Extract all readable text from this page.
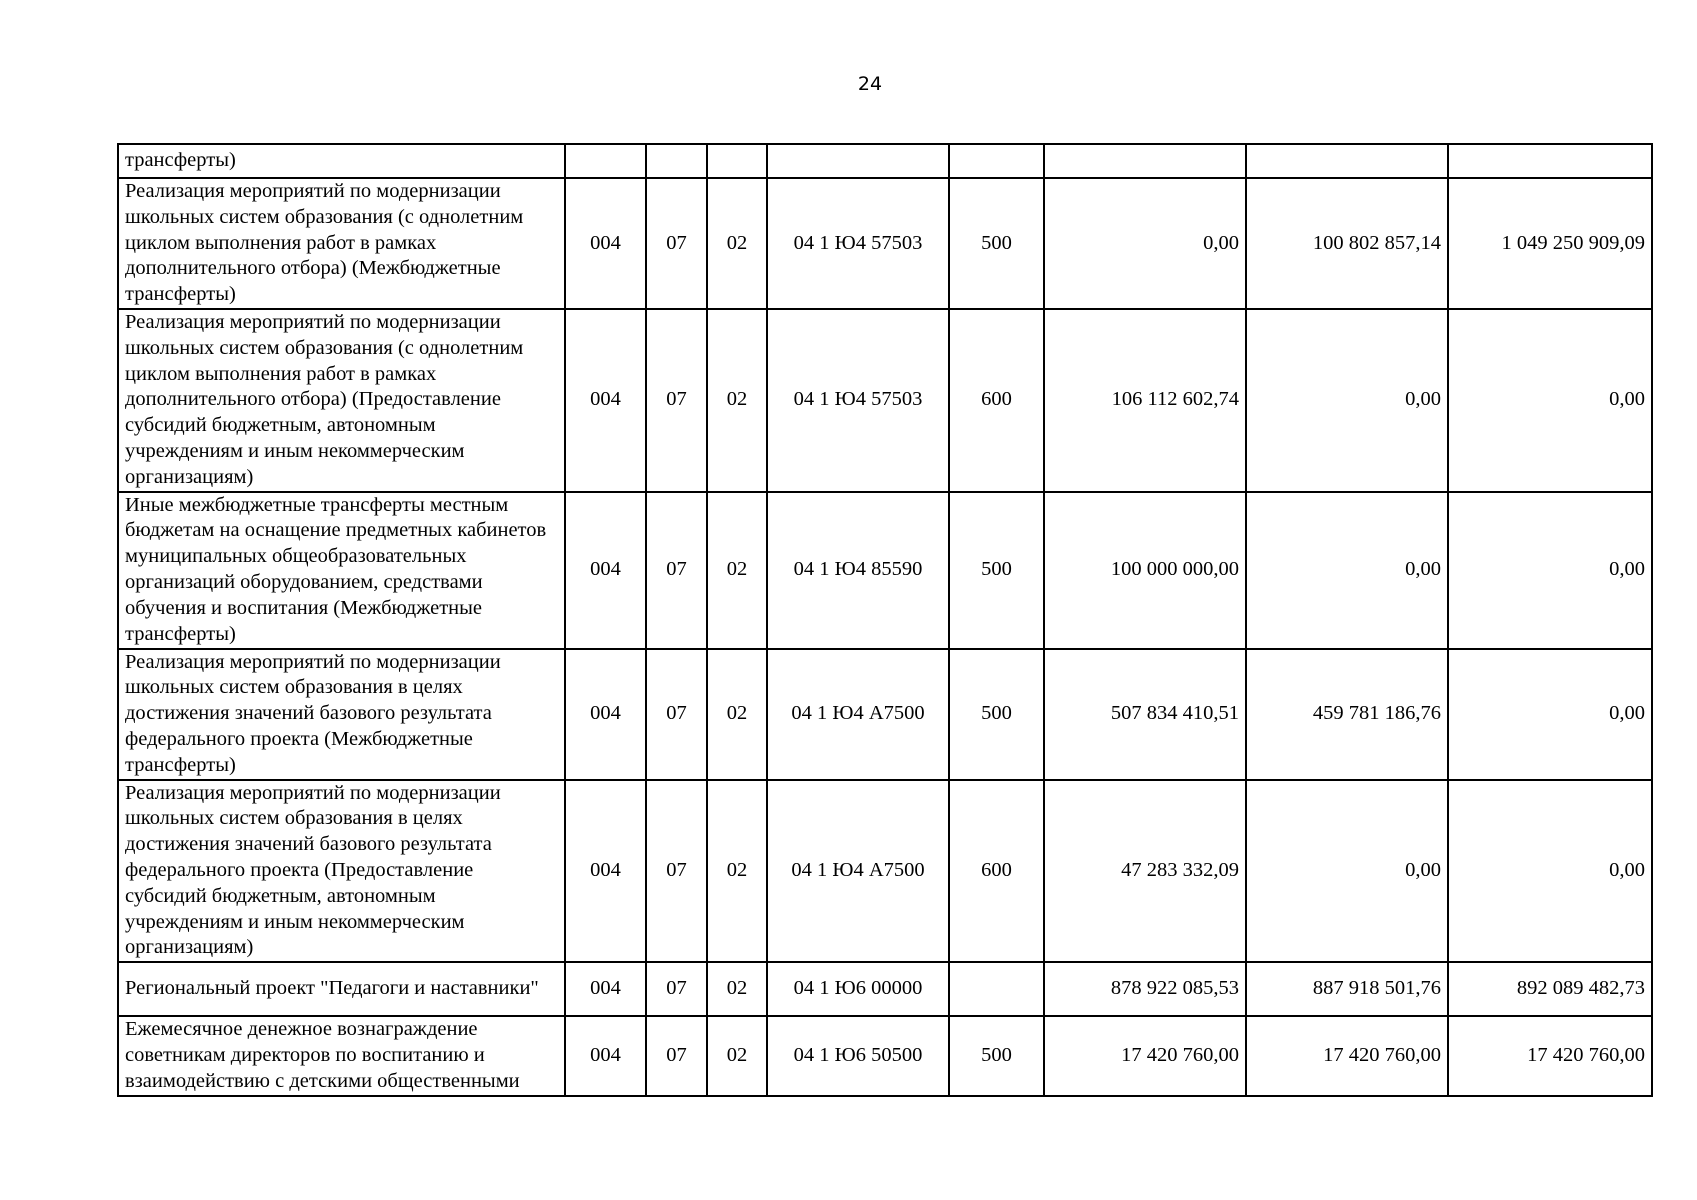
24
трансферты)								
Реализация мероприятий по модернизации школьных систем образования (с однолетним циклом выполнения работ в рамках дополнительного отбора) (Межбюджетные трансферты)	004	07	02	04 1 Ю4 57503	500	0,00	100 802 857,14	1 049 250 909,09
Реализация мероприятий по модернизации школьных систем образования (с однолетним циклом выполнения работ в рамках дополнительного отбора) (Предоставление субсидий бюджетным, автономным учреждениям и иным некоммерческим организациям)	004	07	02	04 1 Ю4 57503	600	106 112 602,74	0,00	0,00
Иные межбюджетные трансферты местным бюджетам на оснащение предметных кабинетов муниципальных общеобразовательных организаций оборудованием, средствами обучения и воспитания (Межбюджетные трансферты)	004	07	02	04 1 Ю4 85590	500	100 000 000,00	0,00	0,00
Реализация мероприятий по модернизации школьных систем образования в целях достижения значений базового результата федерального проекта (Межбюджетные трансферты)	004	07	02	04 1 Ю4 А7500	500	507 834 410,51	459 781 186,76	0,00
Реализация мероприятий по модернизации школьных систем образования в целях достижения значений базового результата федерального проекта (Предоставление субсидий бюджетным, автономным учреждениям и иным некоммерческим организациям)	004	07	02	04 1 Ю4 А7500	600	47 283 332,09	0,00	0,00
Региональный проект "Педагоги и наставники"	004	07	02	04 1 Ю6 00000		878 922 085,53	887 918 501,76	892 089 482,73
Ежемесячное денежное вознаграждение советникам директоров по воспитанию и взаимодействию с детскими общественными	004	07	02	04 1 Ю6 50500	500	17 420 760,00	17 420 760,00	17 420 760,00
